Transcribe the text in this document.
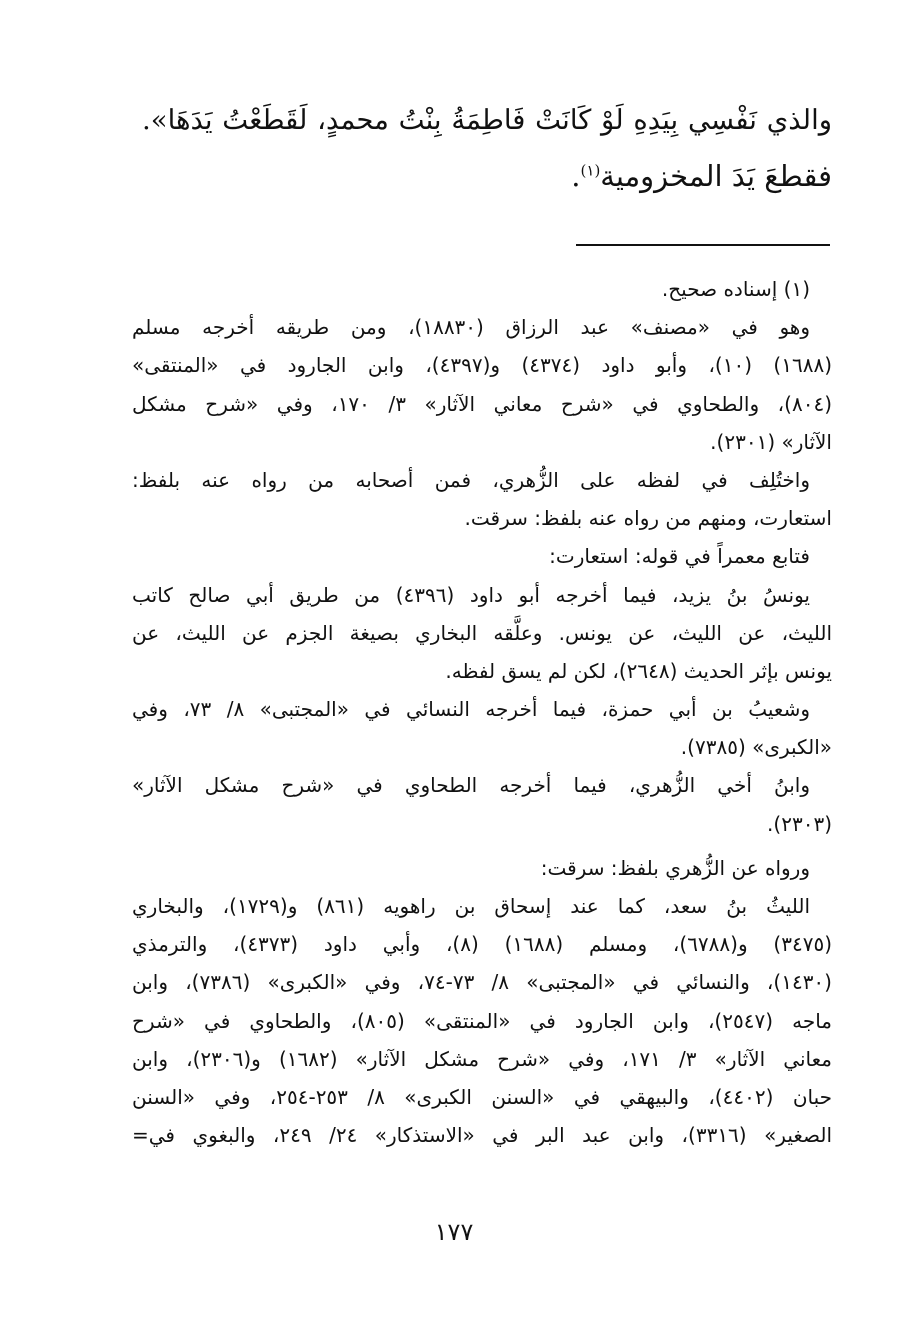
والذي نَفْسِي بِيَدِهِ لَوْ كَانَتْ فَاطِمَةُ بِنْتُ محمدٍ، لَقَطَعْتُ يَدَهَا».

فقطعَ يَدَ المخزومية$^{(١)}$.

(١) إسناده صحيح.

وهو في «مصنف» عبد الرزاق (١٨٨٣٠)، ومن طريقه أخرجه مسلم

(١٦٨٨) (١٠)، وأبو داود (٤٣٧٤) و(٤٣٩٧)، وابن الجارود في «المنتقى»

(٨٠٤)، والطحاوي في «شرح معاني الآثار» ٣/ ١٧٠، وفي «شرح مشكل

الآثار» (٢٣٠١).

واختُلِف في لفظه على الزُّهري، فمن أصحابه من رواه عنه بلفظ:

استعارت، ومنهم من رواه عنه بلفظ: سرقت.

فتابع معمراً في قوله: استعارت:

يونسُ بنُ يزيد، فيما أخرجه أبو داود (٤٣٩٦) من طريق أبي صالح كاتب

الليث، عن الليث، عن يونس. وعلَّقه البخاري بصيغة الجزم عن الليث، عن

يونس بإثر الحديث (٢٦٤٨)، لكن لم يسق لفظه.

وشعيبُ بن أبي حمزة، فيما أخرجه النسائي في «المجتبى» ٨/ ٧٣، وفي

«الكبرى» (٧٣٨٥).

وابنُ أخي الزُّهري، فيما أخرجه الطحاوي في «شرح مشكل الآثار»

(٢٣٠٣).

ورواه عن الزُّهري بلفظ: سرقت:

الليثُ بنُ سعد، كما عند إسحاق بن راهويه (٨٦١) و(١٧٢٩)، والبخاري

(٣٤٧٥) و(٦٧٨٨)، ومسلم (١٦٨٨) (٨)، وأبي داود (٤٣٧٣)، والترمذي

(١٤٣٠)، والنسائي في «المجتبى» ٨/ ٧٣-٧٤، وفي «الكبرى» (٧٣٨٦)، وابن

ماجه (٢٥٤٧)، وابن الجارود في «المنتقى» (٨٠٥)، والطحاوي في «شرح

معاني الآثار» ٣/ ١٧١، وفي «شرح مشكل الآثار» (١٦٨٢) و(٢٣٠٦)، وابن

حبان (٤٤٠٢)، والبيهقي في «السنن الكبرى» ٨/ ٢٥٣-٢٥٤، وفي «السنن

الصغير» (٣٣١٦)، وابن عبد البر في «الاستذكار» ٢٤/ ٢٤٩، والبغوي في=

١٧٧
